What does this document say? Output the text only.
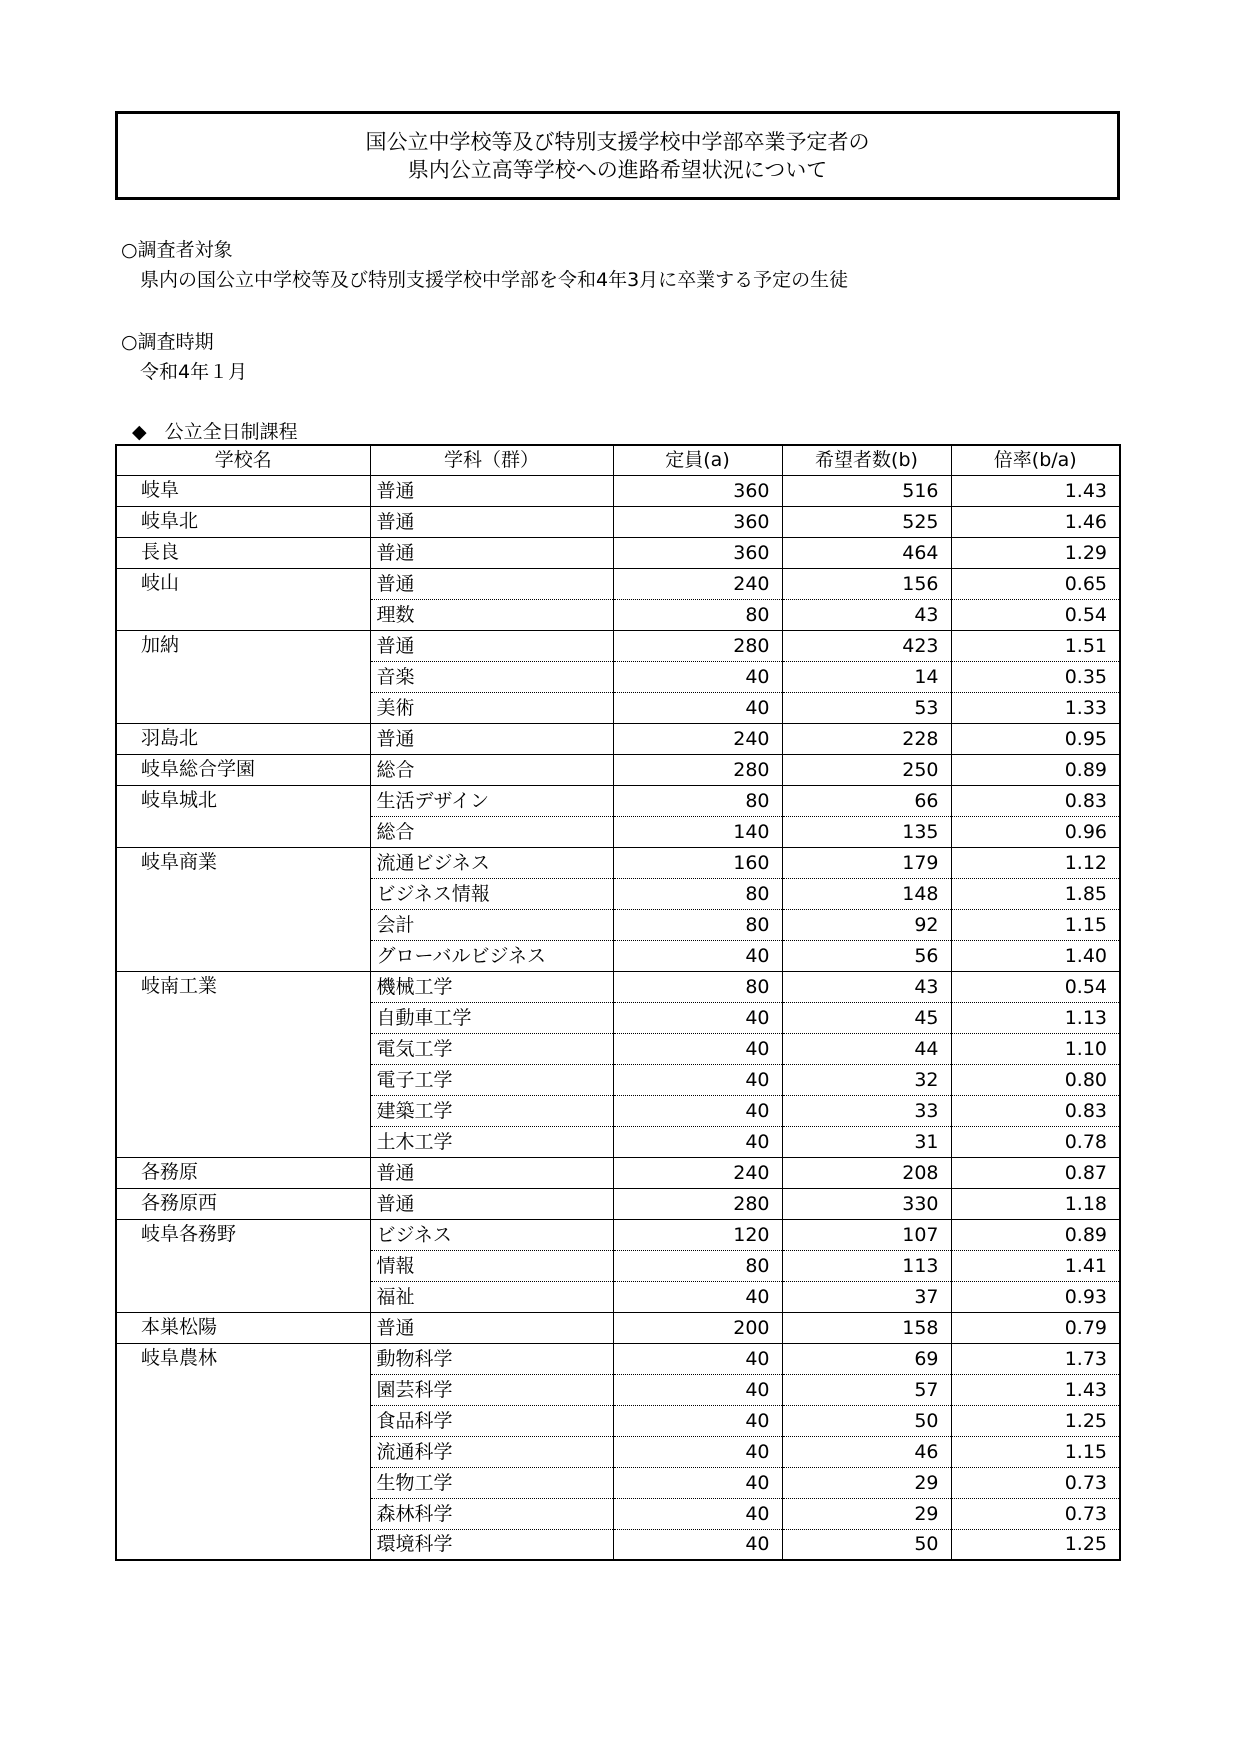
国公立中学校等及び特別支援学校中学部卒業予定者の
県内公立高等学校への進路希望状況について
○調査者対象
県内の国公立中学校等及び特別支援学校中学部を令和4年3月に卒業する予定の生徒
○調査時期
令和4年１月
◆ 公立全日制課程
学校名	学科（群）	定員(a)	希望者数(b)	倍率(b/a)
岐阜	普通	360	516	1.43
岐阜北	普通	360	525	1.46
長良	普通	360	464	1.29
岐山	普通	240	156	0.65
	理数	80	43	0.54
加納	普通	280	423	1.51
	音楽	40	14	0.35
	美術	40	53	1.33
羽島北	普通	240	228	0.95
岐阜総合学園	総合	280	250	0.89
岐阜城北	生活デザイン	80	66	0.83
	総合	140	135	0.96
岐阜商業	流通ビジネス	160	179	1.12
	ビジネス情報	80	148	1.85
	会計	80	92	1.15
	グローバルビジネス	40	56	1.40
岐南工業	機械工学	80	43	0.54
	自動車工学	40	45	1.13
	電気工学	40	44	1.10
	電子工学	40	32	0.80
	建築工学	40	33	0.83
	土木工学	40	31	0.78
各務原	普通	240	208	0.87
各務原西	普通	280	330	1.18
岐阜各務野	ビジネス	120	107	0.89
	情報	80	113	1.41
	福祉	40	37	0.93
本巣松陽	普通	200	158	0.79
岐阜農林	動物科学	40	69	1.73
	園芸科学	40	57	1.43
	食品科学	40	50	1.25
	流通科学	40	46	1.15
	生物工学	40	29	0.73
	森林科学	40	29	0.73
	環境科学	40	50	1.25
